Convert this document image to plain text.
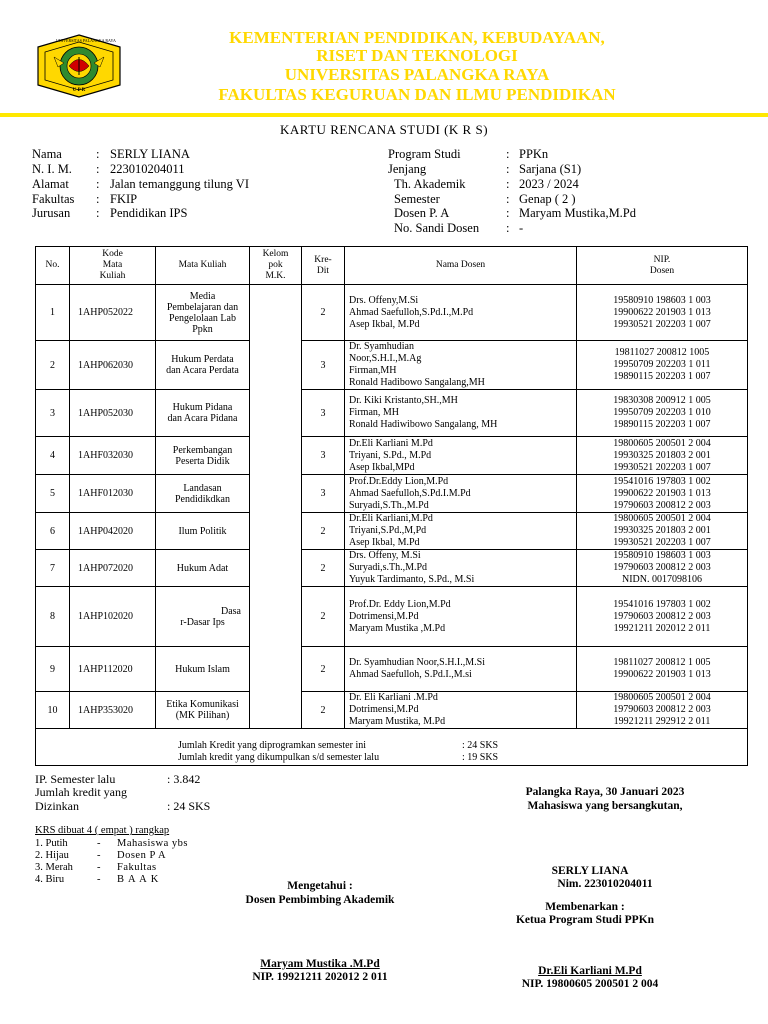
UNIVERSITAS PALANGKA RAYA
U P R
KEMENTERIAN PENDIDIKAN, KEBUDAYAAN,
RISET DAN TEKNOLOGI
UNIVERSITAS PALANGKA RAYA
FAKULTAS KEGURUAN DAN ILMU PENDIDIKAN
KARTU RENCANA STUDI (K R S)
Nama	: SERLY LIANA
N. I. M. : 223010204011
Alamat : Jalan temanggung tilung VI
Fakultas : FKIP
Jurusan : Pendidikan IPS
Program Studi	: PPKn
Jenjang	: Sarjana (S1)
Th. Akademik	: 2023 / 2024
Semester	: Genap ( 2 )
Dosen P. A	: Maryam Mustika,M.Pd
No. Sandi Dosen : -
No.	Kode
Mata
Kuliah	Mata Kuliah	Kelom
pok
M.K.	Kre-
Dit	Nama Dosen	NIP.
Dosen

1	1AHP052022	Media
Pembelajaran dan
Pengelolaan Lab
Ppkn		2	Drs. Offeny,M.Si
Ahmad Saefulloh,S.Pd.I.,M.Pd
Asep Ikbal, M.Pd	19580910 198603 1 003
19900622 201903 1 013
19930521 202203 1 007

2	1AHP062030	Hukum Perdata
dan Acara Perdata		3	Dr. Syamhudian
Noor,S.H.I.,M.Ag
Firman,MH
Ronald Hadibowo Sangalang,MH	19811027 200812 1005
19950709 202203 1 011
19890115 202203 1 007

3	1AHP052030	Hukum Pidana
dan Acara Pidana		3	Dr. Kiki Kristanto,SH.,MH
Firman, MH
Ronald Hadiwibowo Sangalang, MH	19830308 200912 1 005
19950709 202203 1 010
19890115 202203 1 007

4	1AHF032030	Perkembangan
Peserta Didik		3	Dr.Eli Karliani M.Pd
Triyani, S.Pd., M.Pd
Asep Ikbal,MPd	19800605 200501 2 004
19930325 201803 2 001
19930521 202203 1 007

5	1AHF012030	Landasan
Pendidikdkan		3	Prof.Dr.Eddy Lion,M.Pd
Ahmad Saefulloh,S.Pd.I.M.Pd
Suryadi,S.Th.,M.Pd	19541016 197803 1 002
19900622 201903 1 013
19790603 200812 2 003

6	1AHP042020	Ilum Politik		2	Dr.Eli Karliani,M.Pd
Triyani,S.Pd.,M,Pd
Asep Ikbal, M.Pd	19800605 200501 2 004
19930325 201803 2 001
19930521 202203 1 007

7	1AHP072020	Hukum Adat		2	Drs. Offeny, M.Si
Suryadi,s.Th.,M.Pd
Yuyuk Tardimanto, S.Pd., M.Si	19580910 198603 1 003
19790603 200812 2 003
NIDN. 0017098106

8	1AHP102020	Dasa
r-Dasar Ips		2	Prof.Dr. Eddy Lion,M.Pd
Dotrimensi,M.Pd
Maryam Mustika ,M.Pd	19541016 197803 1 002
19790603 200812 2 003
19921211 202012 2 011

9	1AHP112020	Hukum Islam		2	Dr. Syamhudian Noor,S.H.I.,M.Si
Ahmad Saefulloh, S.Pd.I.,M.si	19811027 200812 1 005
19900622 201903 1 013

10	1AHP353020	Etika Komunikasi
(MK Pilihan)		2	Dr. Eli Karliani .M.Pd
Dotrimensi,M.Pd
Maryam Mustika, M.Pd	19800605 200501 2 004
19790603 200812 2 003
19921211 292912 2 011

Jumlah Kredit yang diprogramkan semester ini	: 24 SKS
Jumlah kredit yang dikumpulkan s/d semester lalu	: 19 SKS
IP. Semester lalu	: 3.842
Jumlah kredit yang
Dizinkan	: 24 SKS
KRS dibuat 4 ( empat ) rangkap
1. Putih	- Mahasiswa ybs
2. Hijau	- Dosen P A
3. Merah - Fakultas
4. Biru	- B A A K
Palangka Raya, 30 Januari 2023
Mahasiswa yang bersangkutan,
SERLY LIANA
Nim. 223010204011
Mengetahui :
Dosen Pembimbing Akademik
Maryam Mustika .M.Pd
NIP. 19921211 202012 2 011
Membenarkan :
Ketua Program Studi PPKn
Dr.Eli Karliani M.Pd
NIP. 19800605 200501 2 004
